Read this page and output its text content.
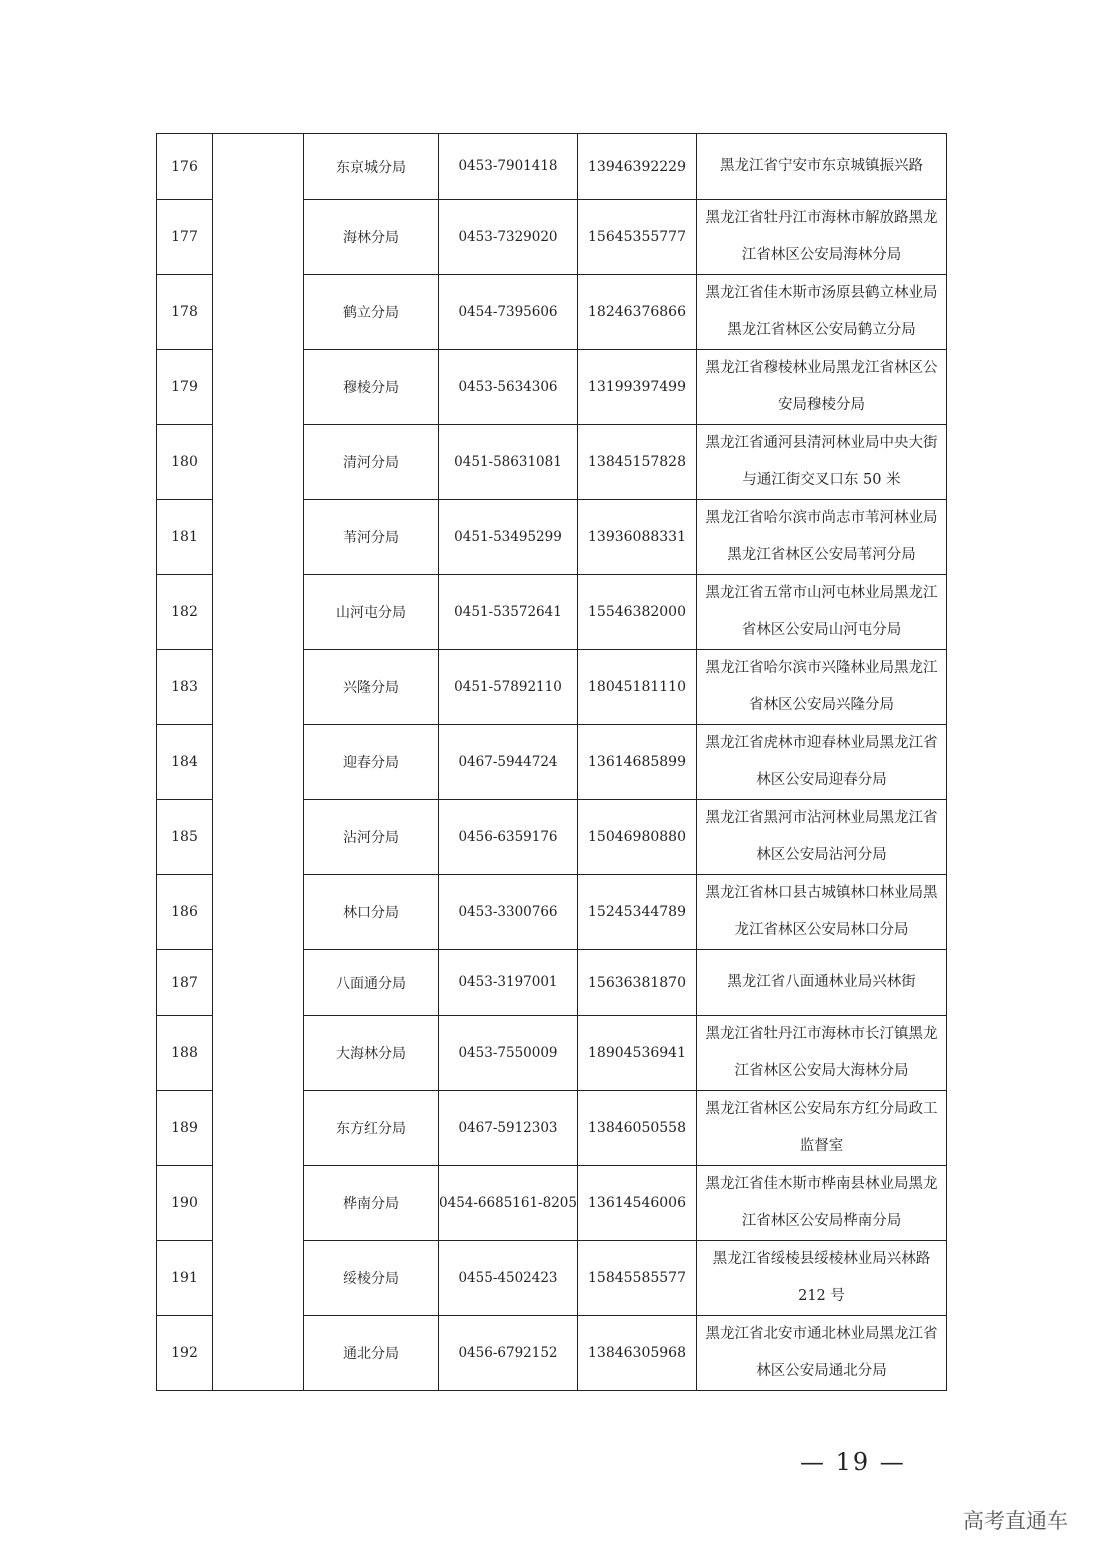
176		东京城分局	0453-7901418	13946392229	黑龙江省宁安市东京城镇振兴路
177		海林分局	0453-7329020	15645355777	黑龙江省牡丹江市海林市解放路黑龙江省林区公安局海林分局
178		鹤立分局	0454-7395606	18246376866	黑龙江省佳木斯市汤原县鹤立林业局黑龙江省林区公安局鹤立分局
179		穆棱分局	0453-5634306	13199397499	黑龙江省穆棱林业局黑龙江省林区公安局穆棱分局
180		清河分局	0451-58631081	13845157828	黑龙江省通河县清河林业局中央大街与通江街交叉口东 50 米
181		苇河分局	0451-53495299	13936088331	黑龙江省哈尔滨市尚志市苇河林业局黑龙江省林区公安局苇河分局
182		山河屯分局	0451-53572641	15546382000	黑龙江省五常市山河屯林业局黑龙江省林区公安局山河屯分局
183		兴隆分局	0451-57892110	18045181110	黑龙江省哈尔滨市兴隆林业局黑龙江省林区公安局兴隆分局
184		迎春分局	0467-5944724	13614685899	黑龙江省虎林市迎春林业局黑龙江省林区公安局迎春分局
185		沾河分局	0456-6359176	15046980880	黑龙江省黑河市沾河林业局黑龙江省林区公安局沾河分局
186		林口分局	0453-3300766	15245344789	黑龙江省林口县古城镇林口林业局黑龙江省林区公安局林口分局
187		八面通分局	0453-3197001	15636381870	黑龙江省八面通林业局兴林街
188		大海林分局	0453-7550009	18904536941	黑龙江省牡丹江市海林市长汀镇黑龙江省林区公安局大海林分局
189		东方红分局	0467-5912303	13846050558	黑龙江省林区公安局东方红分局政工监督室
190		桦南分局	0454-6685161-8205	13614546006	黑龙江省佳木斯市桦南县林业局黑龙江省林区公安局桦南分局
191		绥棱分局	0455-4502423	15845585577	黑龙江省绥棱县绥棱林业局兴林路212 号
192		通北分局	0456-6792152	13846305968	黑龙江省北安市通北林业局黑龙江省林区公安局通北分局
— 19 —
高考直通车
